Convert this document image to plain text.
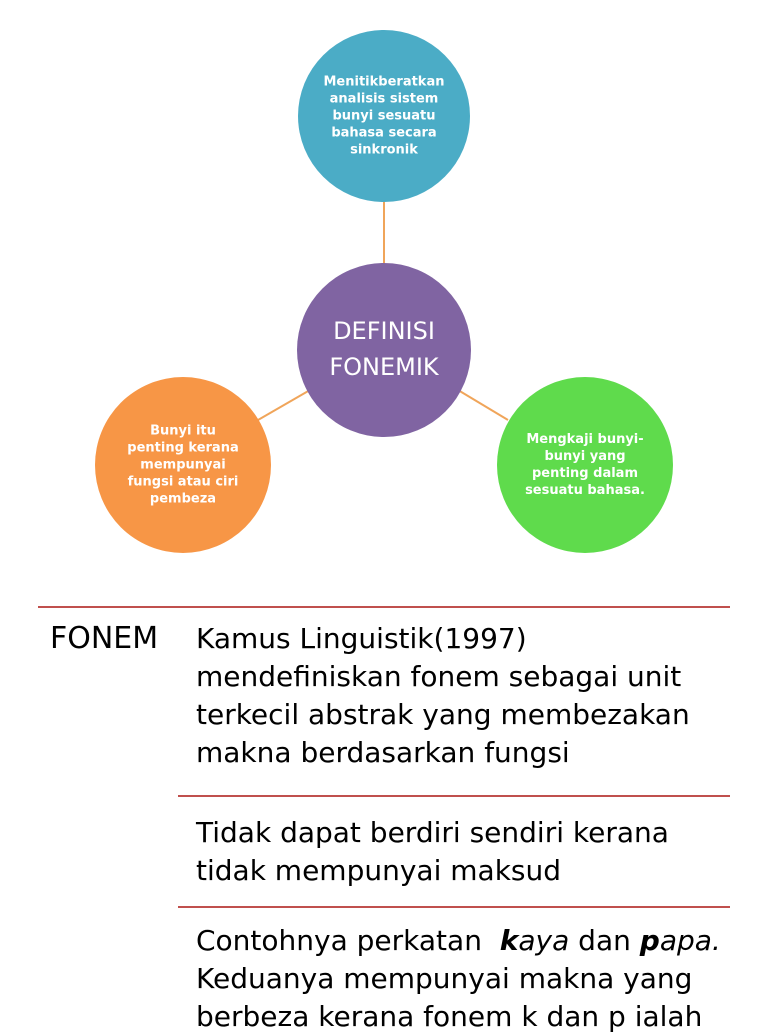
Menitikberatkan analisis sistem bunyi sesuatu bahasa secara sinkronik
DEFINISI FONEMIK
Bunyi itu penting kerana mempunyai fungsi atau ciri pembeza
Mengkaji bunyi-bunyi yang penting dalam sesuatu bahasa.
FONEM Kamus Linguistik(1997)

mendefiniskan fonem sebagai unit

terkecil abstrak yang membezakan

makna berdasarkan fungsi

Tidak dapat berdiri sendiri kerana

tidak mempunyai maksud

Contohnya perkatan kaya dan papa.

Keduanya mempunyai makna yang

berbeza kerana fonem k dan p ialah
